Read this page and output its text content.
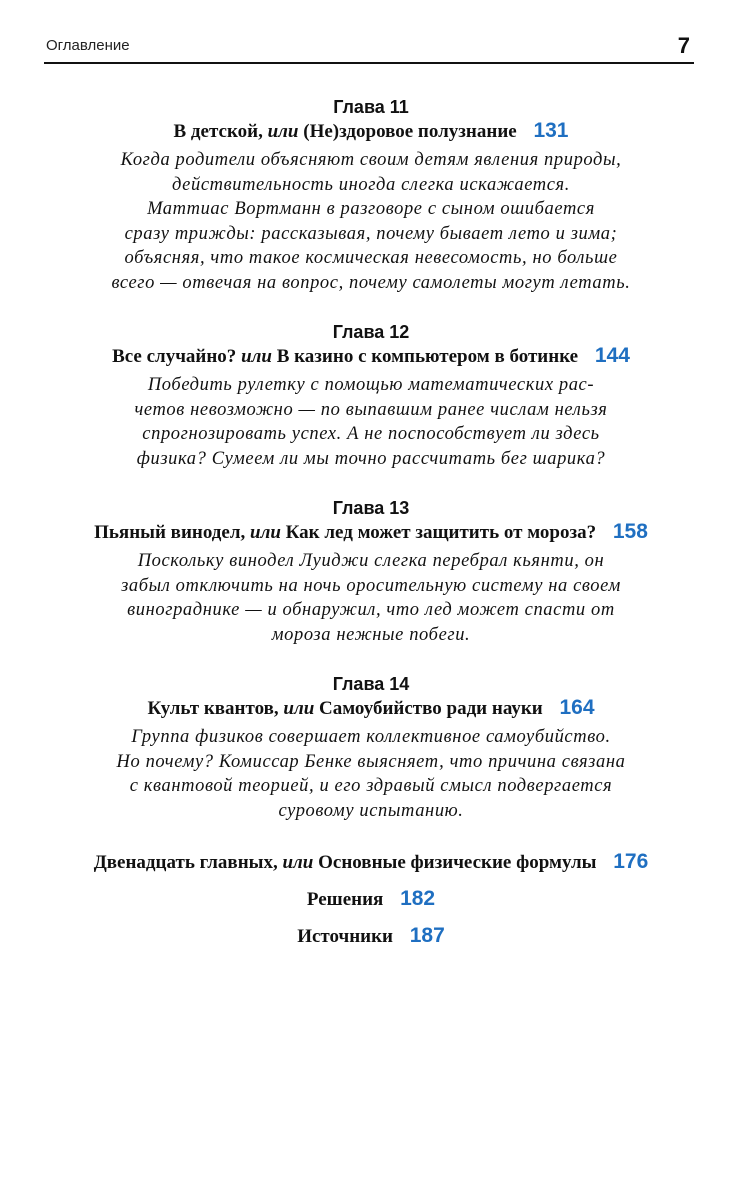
Оглавление	7
Глава 11
В детской, или (Не)здоровое полузнание 131
Когда родители объясняют своим детям явления природы,
действительность иногда слегка искажается.
Маттиас Вортманн в разговоре с сыном ошибается
сразу трижды: рассказывая, почему бывает лето и зима;
объясняя, что такое космическая невесомость, но больше
всего — отвечая на вопрос, почему самолеты могут летать.
Глава 12
Все случайно? или В казино с компьютером в ботинке 144
Победить рулетку с помощью математических рас-
четов невозможно — по выпавшим ранее числам нельзя
спрогнозировать успех. А не поспособствует ли здесь
физика? Сумеем ли мы точно рассчитать бег шарика?
Глава 13
Пьяный винодел, или Как лед может защитить от мороза? 158
Поскольку винодел Луиджи слегка перебрал кьянти, он
забыл отключить на ночь оросительную систему на своем
винограднике — и обнаружил, что лед может спасти от
мороза нежные побеги.
Глава 14
Культ квантов, или Самоубийство ради науки 164
Группа физиков совершает коллективное самоубийство.
Но почему? Комиссар Бенке выясняет, что причина связана
с квантовой теорией, и его здравый смысл подвергается
суровому испытанию.
Двенадцать главных, или Основные физические формулы 176
Решения 182
Источники 187
